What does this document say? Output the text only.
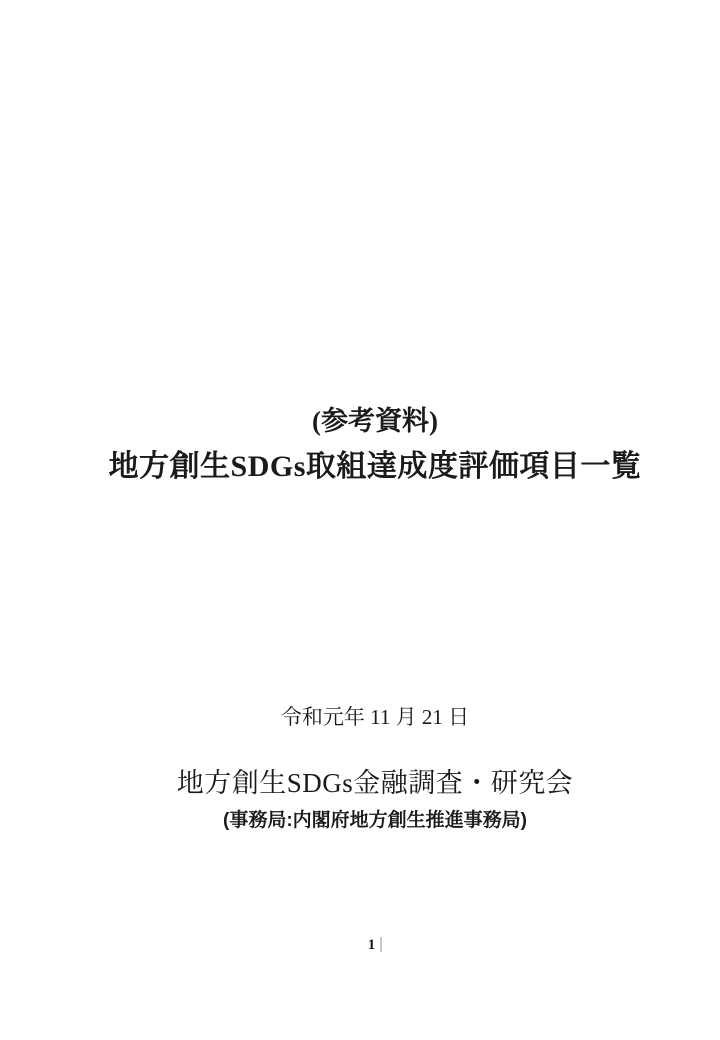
(参考資料)
地方創生SDGs取組達成度評価項目一覧
令和元年 11 月 21 日
地方創生SDGs金融調査・研究会
(事務局:内閣府地方創生推進事務局)
1
